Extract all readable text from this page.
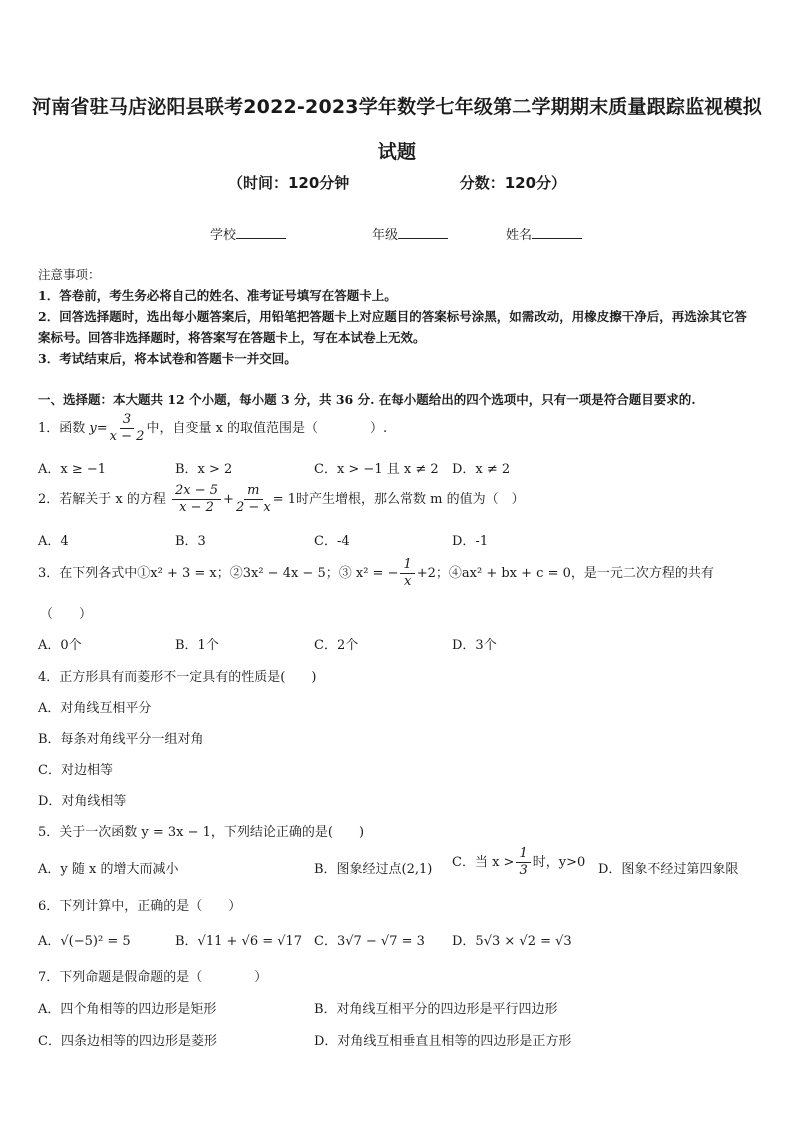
河南省驻马店泌阳县联考2022-2023学年数学七年级第二学期期末质量跟踪监视模拟试题
（时间：120分钟	分数：120分）
学校	年级	姓名

注意事项：

1．答卷前，考生务必将自己的姓名、准考证号填写在答题卡上。

2．回答选择题时，选出每小题答案后，用铅笔把答题卡上对应题目的答案标号涂黑，如需改动，用橡皮擦干净后，再选涂其它答案标号。回答非选择题时，将答案写在答题卡上，写在本试卷上无效。

3．考试结束后，将本试卷和答题卡一并交回。

一、选择题：本大题共 12 个小题，每小题 3 分，共 36 分. 在每小题给出的四个选项中，只有一项是符合题目要求的.
1．函数 $y= \frac{3}{x - 2}$ 中，自变量 x 的取值范围是（　　　　）.
A．x ≥ −1	B．x > 2	C．x > −1 且 x ≠ 2 D．x ≠ 2
2．若解关于 x 的方程 $\frac{2x - 5}{x - 2} + \frac{m}{2 - x} = 1$时产生增根，那么常数 m 的值为（　）
A．4	B．3	C．-4	D．-1
3．在下列各式中①x² + 3 = x；②3x² − 4x − 5；③ x² = − $\frac{1}{x} +2$；④ax² + bx + c = 0，是一元二次方程的共有
（　　）
A．0个	B．1个	C．2个	D．3个
4．正方形具有而菱形不一定具有的性质是(　　)
A．对角线互相平分
B．每条对角线平分一组对角
C．对边相等
D．对角线相等
5．关于一次函数 y = 3x − 1，下列结论正确的是(　　)
A．y 随 x 的增大而减小	B．图象经过点(2,1) C．当 $x > \frac{1}{3}$ 时，y>0 D．图象不经过第四象限
6．下列计算中，正确的是（　　）
A．√(−5)² = 5	B．√11 + √6 = √17 C．3√7 − √7 = 3 D．5√3 × √2 = √3
7．下列命题是假命题的是（　　　　）
A．四个角相等的四边形是矩形	B．对角线互相平分的四边形是平行四边形
C．四条边相等的四边形是菱形	D．对角线互相垂直且相等的四边形是正方形
